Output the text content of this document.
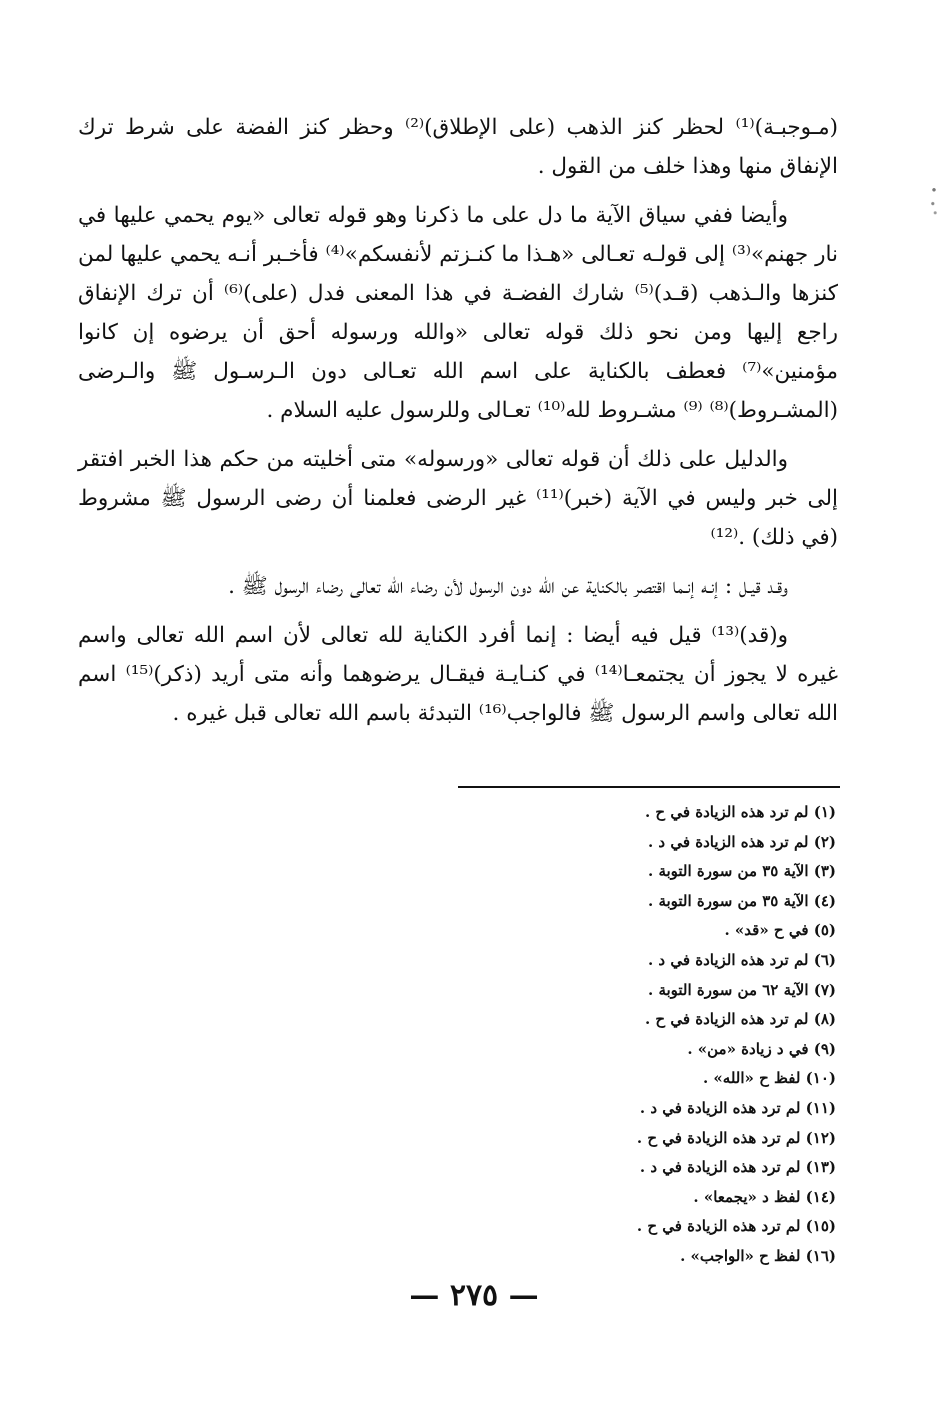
(مـوجبـة)⁽¹⁾ لحظر كنز الذهب (على الإطلاق)⁽²⁾ وحظر كنز الفضة على شرط ترك الإنفاق منها وهذا خلف من القول .

وأيضا ففي سياق الآية ما دل على ما ذكرنا وهو قوله تعالى «يوم يحمي عليها في نار جهنم»⁽³⁾ إلى قولـه تعـالى «هـذا ما كنـزتم لأنفسكم»⁽⁴⁾ فأخـبر أنـه يحمي عليها لمن كنزها والـذهب (قـد)⁽⁵⁾ شارك الفضـة في هذا المعنى فدل (على)⁽⁶⁾ أن ترك الإنفاق راجع إليها ومن نحو ذلك قوله تعالى «والله ورسوله أحق أن يرضوه إن كانوا مؤمنين»⁽⁷⁾ فعطف بالكناية على اسم الله تعـالى دون الـرسـول ﷺ والـرضى (المشـروط)⁽⁸⁾ ⁽⁹⁾ مشـروط لله⁽¹⁰⁾ تعـالى وللرسول عليه السلام .

والدليل على ذلك أن قوله تعالى «ورسوله» متى أخليته من حكم هذا الخبر افتقر إلى خبر وليس في الآية (خبر)⁽¹¹⁾ غير الرضى فعلمنا أن رضى الرسول ﷺ مشروط (في ذلك) .⁽¹²⁾

وقـد قيـل : إنـه إنـما اقتصر بالكناية عن الله دون الرسول لأن رضاء الله تعالى رضاء الرسول ﷺ .

و(قد)⁽¹³⁾ قيل فيه أيضا : إنما أفرد الكناية لله تعالى لأن اسم الله تعالى واسم غيره لا يجوز أن يجتمعـا⁽¹⁴⁾ في كنـايـة فيقـال يرضوهما وأنه متى أريد (ذكر)⁽¹⁵⁾ اسم الله تعالى واسم الرسول ﷺ فالواجب⁽¹⁶⁾ التبدئة باسم الله تعالى قبل غيره .

(١) لم ترد هذه الزيادة في ح .
(٢) لم ترد هذه الزيادة في د .
(٣) الآية ٣٥ من سورة التوبة .
(٤) الآية ٣٥ من سورة التوبة .
(٥) في ح «قد» .
(٦) لم ترد هذه الزيادة في د .
(٧) الآية ٦٢ من سورة التوبة .
(٨) لم ترد هذه الزيادة في ح .
(٩) في د زيادة «من» .
(١٠) لفظ ح «الله» .
(١١) لم ترد هذه الزيادة في د .
(١٢) لم ترد هذه الزيادة في ح .
(١٣) لم ترد هذه الزيادة في د .
(١٤) لفظ د «يجمعا» .
(١٥) لم ترد هذه الزيادة في ح .
(١٦) لفظ ح «الواجب» .
— ٢٧٥ —
